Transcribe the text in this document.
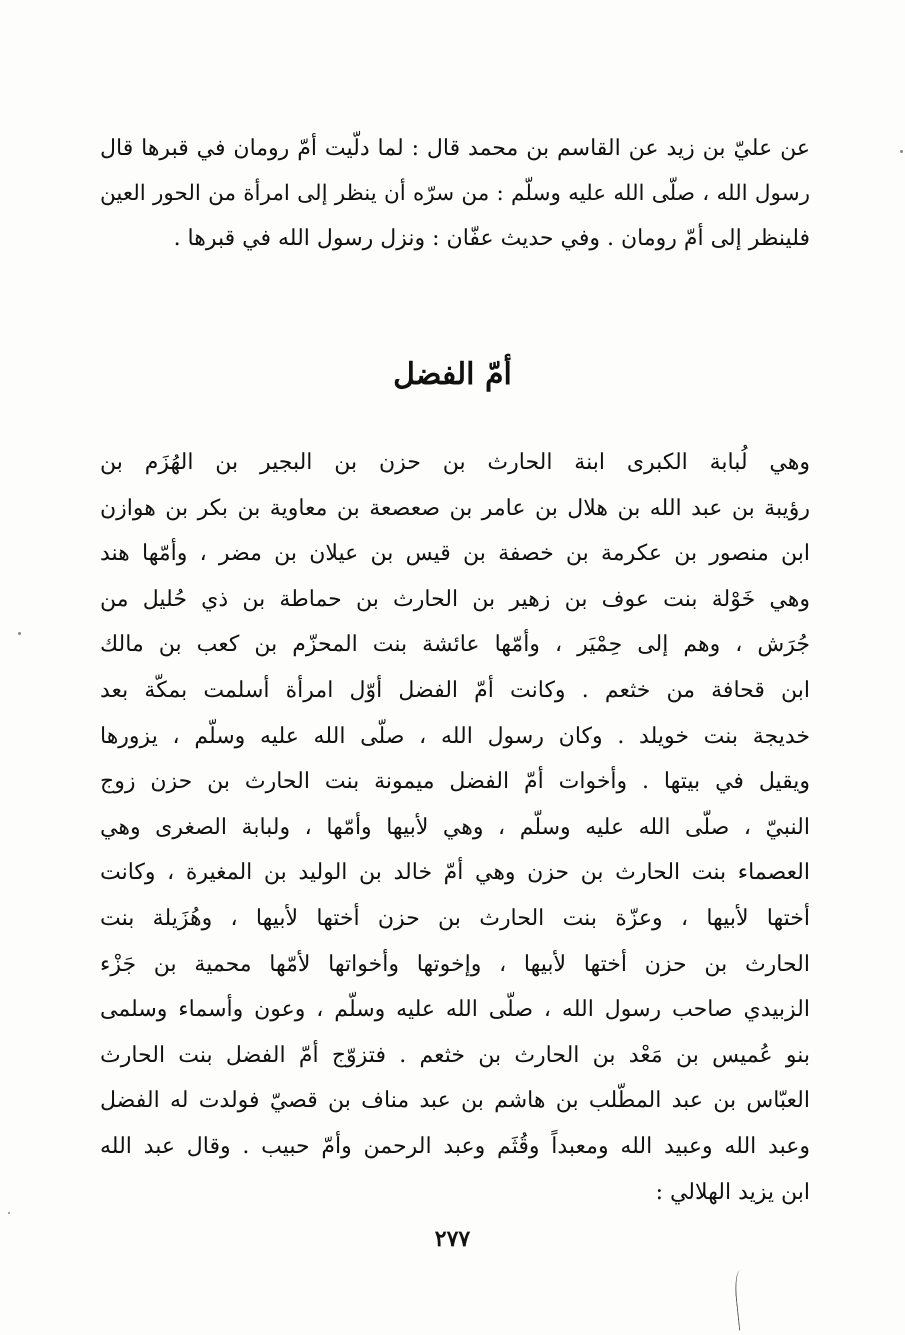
عن عليّ بن زيد عن القاسم بن محمد قال : لما دلّيت أمّ رومان في قبرها قال
رسول الله ، صلّى الله عليه وسلّم : من سرّه أن ينظر إلى امرأة من الحور العين
فلينظر إلى أمّ رومان . وفي حديث عفّان : ونزل رسول الله في قبرها .
أمّ الفضل
وهي لُبابة الكبرى ابنة الحارث بن حزن بن البجير بن الهُزَم بن
رؤيبة بن عبد الله بن هلال بن عامر بن صعصعة بن معاوية بن بكر بن هوازن
ابن منصور بن عكرمة بن خصفة بن قيس بن عيلان بن مضر ، وأمّها هند
وهي خَوْلة بنت عوف بن زهير بن الحارث بن حماطة بن ذي حُليل من
جُرَش ، وهم إلى حِمْيَر ، وأمّها عائشة بنت المحزّم بن كعب بن مالك
ابن قحافة من خثعم . وكانت أمّ الفضل أوّل امرأة أسلمت بمكّة بعد
خديجة بنت خويلد . وكان رسول الله ، صلّى الله عليه وسلّم ، يزورها
ويقيل في بيتها . وأخوات أمّ الفضل ميمونة بنت الحارث بن حزن زوج
النبيّ ، صلّى الله عليه وسلّم ، وهي لأبيها وأمّها ، ولبابة الصغرى وهي
العصماء بنت الحارث بن حزن وهي أمّ خالد بن الوليد بن المغيرة ، وكانت
أختها لأبيها ، وعزّة بنت الحارث بن حزن أختها لأبيها ، وهُزَيلة بنت
الحارث بن حزن أختها لأبيها ، وإخوتها وأخواتها لأمّها محمية بن جَزْء
الزبيدي صاحب رسول الله ، صلّى الله عليه وسلّم ، وعون وأسماء وسلمى
بنو عُميس بن مَعْد بن الحارث بن خثعم . فتزوّج أمّ الفضل بنت الحارث
العبّاس بن عبد المطّلب بن هاشم بن عبد مناف بن قصيّ فولدت له الفضل
وعبد الله وعبيد الله ومعبداً وقُثَم وعبد الرحمن وأمّ حبيب . وقال عبد الله
ابن يزيد الهلالي :
٢٧٧
